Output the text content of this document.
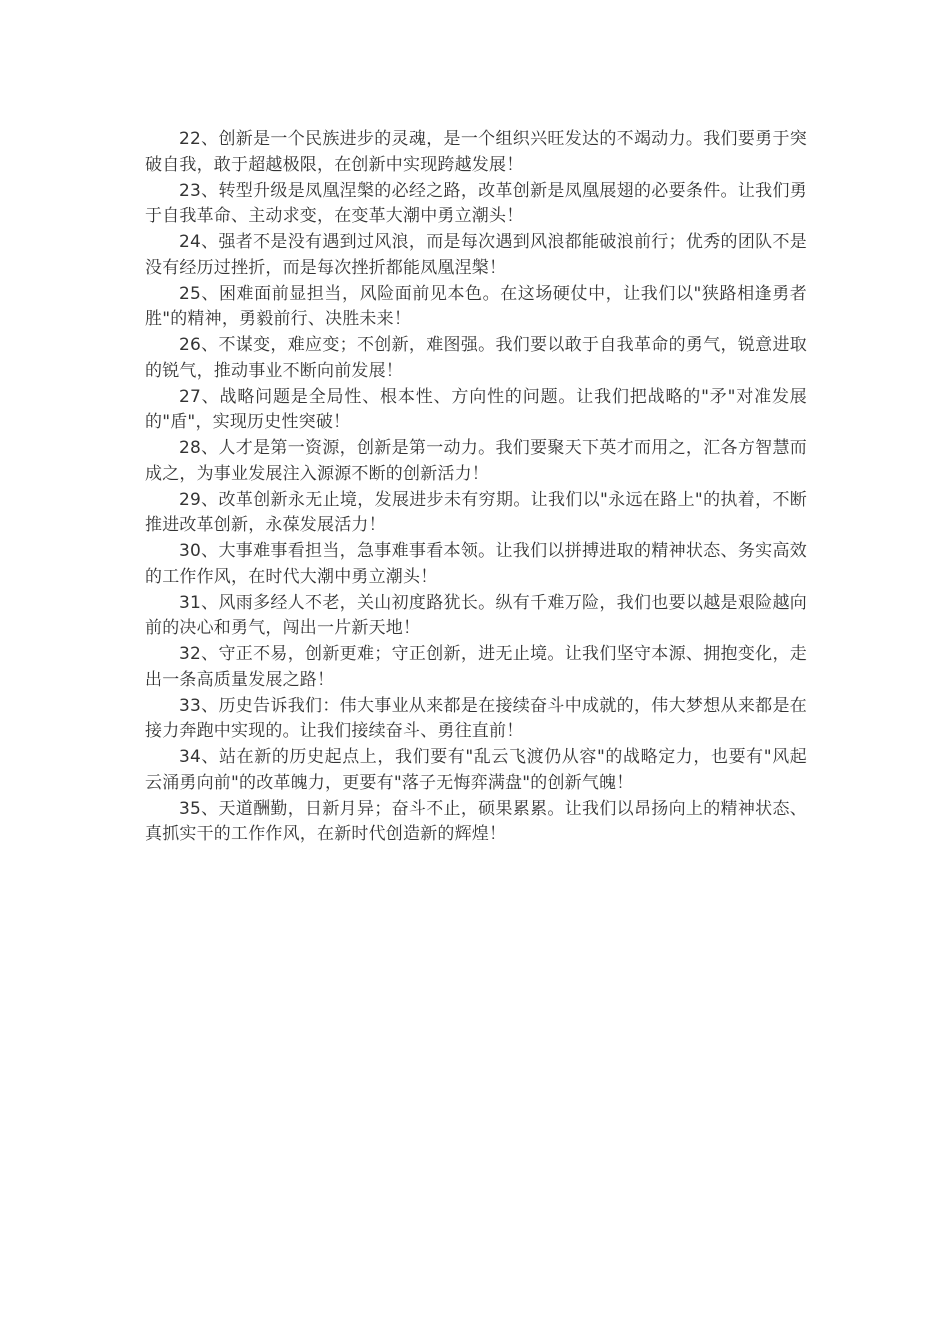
22、创新是一个民族进步的灵魂，是一个组织兴旺发达的不竭动力。我们要勇于突破自我，敢于超越极限，在创新中实现跨越发展！

23、转型升级是凤凰涅槃的必经之路，改革创新是凤凰展翅的必要条件。让我们勇于自我革命、主动求变，在变革大潮中勇立潮头！

24、强者不是没有遇到过风浪，而是每次遇到风浪都能破浪前行；优秀的团队不是没有经历过挫折，而是每次挫折都能凤凰涅槃！

25、困难面前显担当，风险面前见本色。在这场硬仗中，让我们以"狭路相逢勇者胜"的精神，勇毅前行、决胜未来！

26、不谋变，难应变；不创新，难图强。我们要以敢于自我革命的勇气，锐意进取的锐气，推动事业不断向前发展！

27、战略问题是全局性、根本性、方向性的问题。让我们把战略的"矛"对准发展的"盾"，实现历史性突破！

28、人才是第一资源，创新是第一动力。我们要聚天下英才而用之，汇各方智慧而成之，为事业发展注入源源不断的创新活力！

29、改革创新永无止境，发展进步未有穷期。让我们以"永远在路上"的执着，不断推进改革创新，永葆发展活力！

30、大事难事看担当，急事难事看本领。让我们以拼搏进取的精神状态、务实高效的工作作风，在时代大潮中勇立潮头！

31、风雨多经人不老，关山初度路犹长。纵有千难万险，我们也要以越是艰险越向前的决心和勇气，闯出一片新天地！

32、守正不易，创新更难；守正创新，进无止境。让我们坚守本源、拥抱变化，走出一条高质量发展之路！

33、历史告诉我们：伟大事业从来都是在接续奋斗中成就的，伟大梦想从来都是在接力奔跑中实现的。让我们接续奋斗、勇往直前！

34、站在新的历史起点上，我们要有"乱云飞渡仍从容"的战略定力，也要有"风起云涌勇向前"的改革魄力，更要有"落子无悔弈满盘"的创新气魄！

35、天道酬勤，日新月异；奋斗不止，硕果累累。让我们以昂扬向上的精神状态、真抓实干的工作作风，在新时代创造新的辉煌！
